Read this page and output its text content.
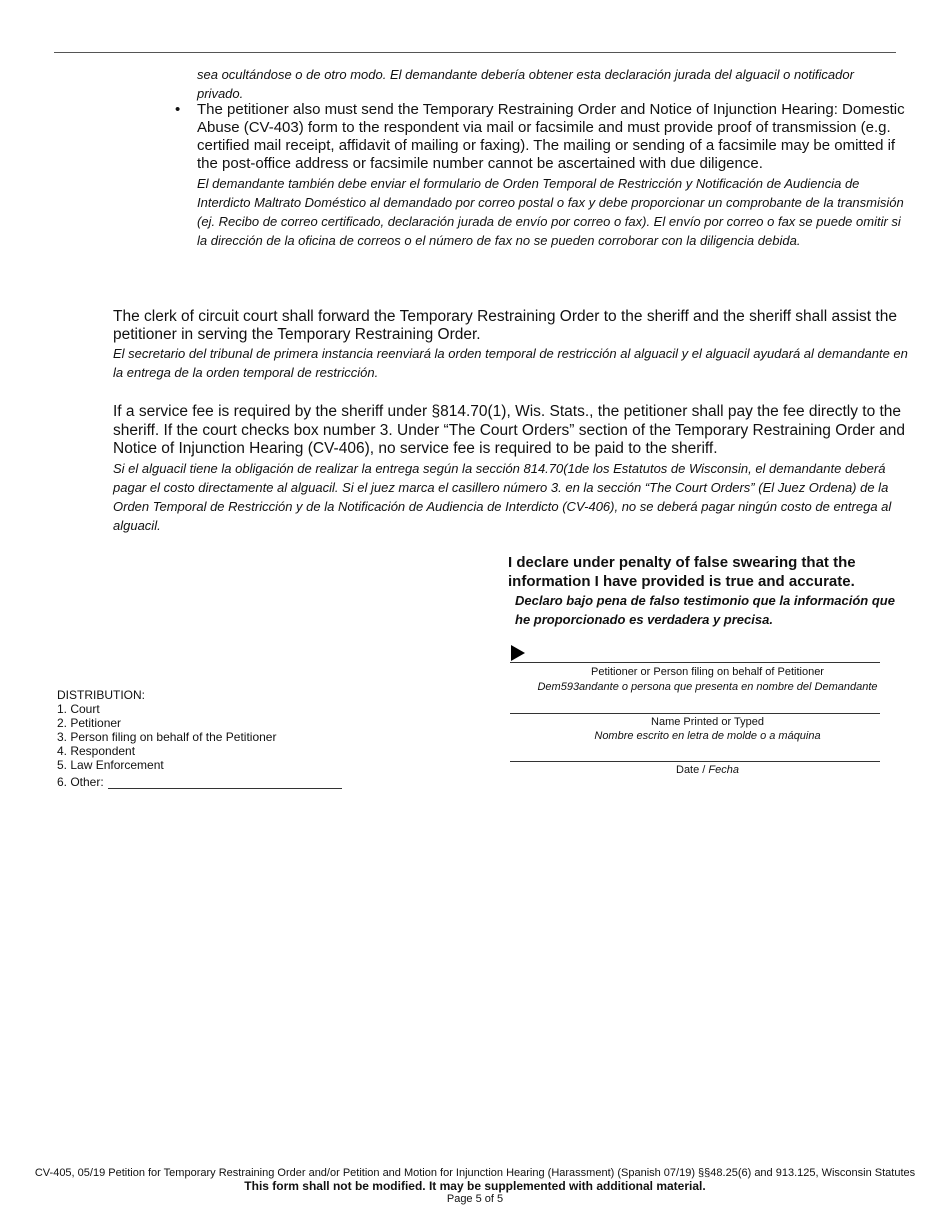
sea ocultándose o de otro modo. El demandante debería obtener esta declaración jurada del alguacil o notificador privado.
• The petitioner also must send the Temporary Restraining Order and Notice of Injunction Hearing: Domestic Abuse (CV-403) form to the respondent via mail or facsimile and must provide proof of transmission (e.g. certified mail receipt, affidavit of mailing or faxing). The mailing or sending of a facsimile may be omitted if the post-office address or facsimile number cannot be ascertained with due diligence.
El demandante también debe enviar el formulario de Orden Temporal de Restricción y Notificación de Audiencia de Interdicto Maltrato Doméstico al demandado por correo postal o fax y debe proporcionar un comprobante de la transmisión (ej. Recibo de correo certificado, declaración jurada de envío por correo o fax). El envío por correo o fax se puede omitir si la dirección de la oficina de correos o el número de fax no se pueden corroborar con la diligencia debida.
The clerk of circuit court shall forward the Temporary Restraining Order to the sheriff and the sheriff shall assist the petitioner in serving the Temporary Restraining Order.
El secretario del tribunal de primera instancia reenviará la orden temporal de restricción al alguacil y el alguacil ayudará al demandante en la entrega de la orden temporal de restricción.
If a service fee is required by the sheriff under §814.70(1), Wis. Stats., the petitioner shall pay the fee directly to the sheriff. If the court checks box number 3. Under “The Court Orders” section of the Temporary Restraining Order and Notice of Injunction Hearing (CV-406), no service fee is required to be paid to the sheriff.
Si el alguacil tiene la obligación de realizar la entrega según la sección 814.70(1de los Estatutos de Wisconsin, el demandante deberá pagar el costo directamente al alguacil. Si el juez marca el casillero número 3. en la sección “The Court Orders” (El Juez Ordena) de la Orden Temporal de Restricción y de la Notificación de Audiencia de Interdicto (CV-406), no se deberá pagar ningún costo de entrega al alguacil.
I declare under penalty of false swearing that the information I have provided is true and accurate.
Declaro bajo pena de falso testimonio que la información que he proporcionado es verdadera y precisa.
Petitioner or Person filing on behalf of Petitioner
Dem593andante o persona que presenta en nombre del Demandante
Name Printed or Typed
Nombre escrito en letra de molde o a máquina
Date / Fecha
DISTRIBUTION:
1. Court
2. Petitioner
3. Person filing on behalf of the Petitioner
4. Respondent
5. Law Enforcement
6. Other:
CV-405, 05/19 Petition for Temporary Restraining Order and/or Petition and Motion for Injunction Hearing (Harassment) (Spanish 07/19) §§48.25(6) and 913.125, Wisconsin Statutes
This form shall not be modified. It may be supplemented with additional material.
Page 5 of 5
